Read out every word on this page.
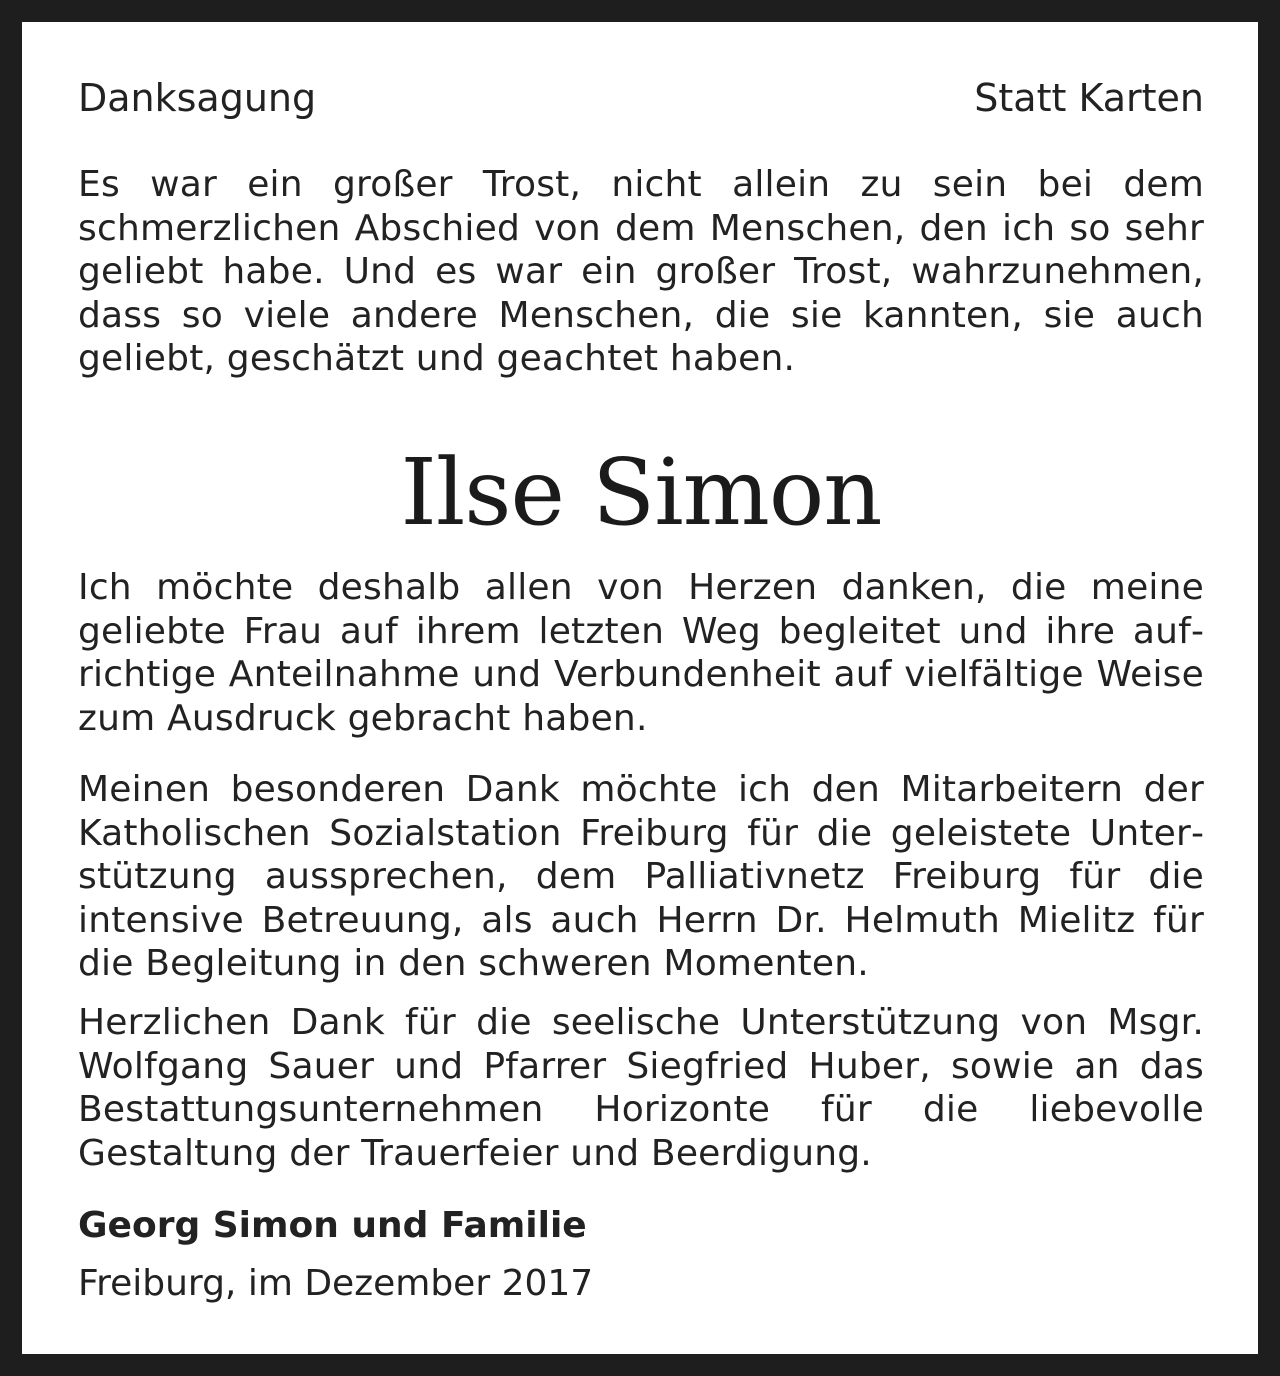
Danksagung	Statt Karten

Es war ein großer Trost, nicht allein zu sein bei dem schmerzlichen Abschied von dem Menschen, den ich so sehr geliebt habe. Und es war ein großer Trost, wahrzunehmen, dass so viele andere Menschen, die sie kannten, sie auch geliebt, geschätzt und geachtet haben.

Ilse Simon

Ich möchte deshalb allen von Herzen danken, die meine geliebte Frau auf ihrem letzten Weg begleitet und ihre aufrichtige Anteilnahme und Verbundenheit auf vielfältige Weise zum Ausdruck gebracht haben.

Meinen besonderen Dank möchte ich den Mitarbeitern der Katholischen Sozialstation Freiburg für die geleistete Unterstützung aussprechen, dem Palliativnetz Freiburg für die intensive Betreuung, als auch Herrn Dr. Helmuth Mielitz für die Begleitung in den schweren Momenten.

Herzlichen Dank für die seelische Unterstützung von Msgr. Wolfgang Sauer und Pfarrer Siegfried Huber, sowie an das Bestattungsunternehmen Horizonte für die liebevolle Gestaltung der Trauerfeier und Beerdigung.

Georg Simon und Familie
Freiburg, im Dezember 2017
